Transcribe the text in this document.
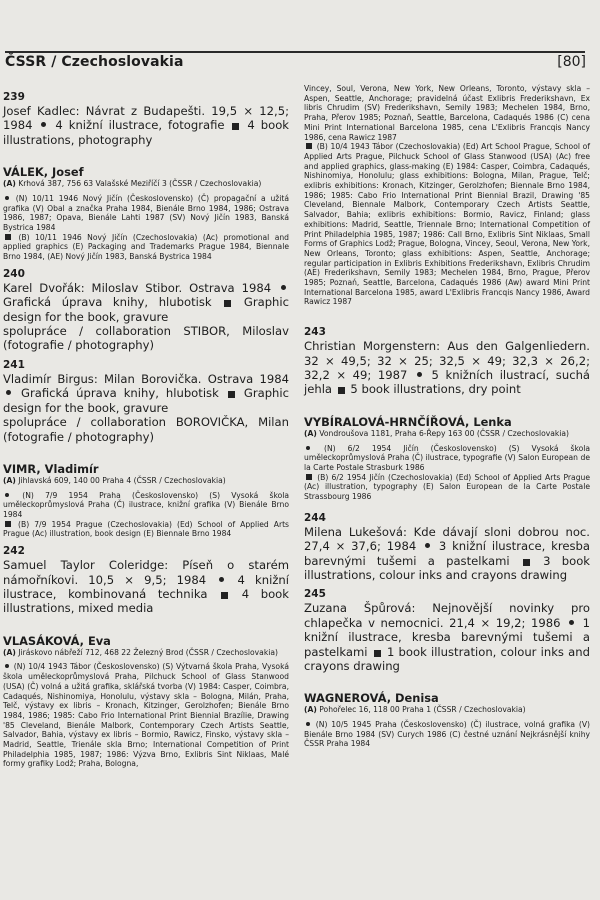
ČSSR / Czechoslovakia	[80]

239

Josef Kadlec: Návrat z Budapešti. 19,5 × 12,5; 1984 4 knižní ilustrace, fotografie 4 book illustrations, photography

VÁLEK, Josef

(A) Krhová 387, 756 63 Valašské Meziříčí 3 (ČSSR / Czechoslovakia)

(N) 10/11 1946 Nový Jičín (Československo) (Č) propagační a užitá grafika (V) Obal a značka Praha 1984, Bienále Brno 1984, 1986; Ostrava 1986, 1987; Opava, Bienále Lahti 1987 (SV) Nový Jičín 1983, Banská Bystrica 1984

(B) 10/11 1946 Nový Jičín (Czechoslovakia) (Ac) promotional and applied graphics (E) Packaging and Trademarks Prague 1984, Biennale Brno 1984, (AE) Nový Jičín 1983, Banská Bystrica 1984

240

Karel Dvořák: Miloslav Stibor. Ostrava 1984  Grafická úprava knihy, hlubotisk	Graphic design for the book, gravure
spolupráce / collaboration STIBOR, Miloslav (fotografie / photography)

241

Vladimír Birgus: Milan Borovička. Ostrava 1984  Grafická úprava knihy, hlubotisk Graphic design for the book, gravure
spolupráce / collaboration BOROVIČKA, Milan (fotografie / photography)

VIMR, Vladimír

(A) Jihlavská 609, 140 00 Praha 4 (ČSSR / Czechoslovakia)

(N) 7/9 1954 Praha (Československo) (S) Vysoká škola uměleckoprůmyslová Praha (Č) ilustrace, knižní grafika (V) Bienále Brno 1984

(B) 7/9 1954 Prague (Czechoslovakia) (Ed) School of Applied Arts Prague (Ac) illustration, book design (E) Biennale Brno 1984

242

Samuel Taylor Coleridge: Píseň o starém námořníkovi. 10,5 × 9,5; 1984	4 knižní ilustrace, kombinovaná technika	4 book illustrations, mixed media

VLASÁKOVÁ, Eva

(A) Jiráskovo nábřeží 712, 468 22 Železný Brod (ČSSR / Czechoslovakia)

(N) 10/4 1943 Tábor (Československo) (S) Výtvarná škola Praha, Vysoká škola uměleckoprůmyslová Praha, Pilchuck School of Glass Stanwood (USA) (Č) volná a užitá grafika, sklářská tvorba (V) 1984: Casper, Coimbra, Cadaqués, Nishinomiya, Honolulu, výstavy skla – Bologna, Milán, Praha, Telč, výstavy ex libris – Kronach, Kitzinger, Gerolzhofen; Bienále Brno 1984, 1986; 1985: Cabo Frio International Print Biennial Brazílie, Drawing '85 Cleveland, Bienále Malbork, Contemporary Czech Artists Seattle, Salvador, Bahia, výstavy ex libris – Bormio, Rawicz, Finsko, výstavy skla – Madrid, Seattle, Trienále skla Brno; International Competition of Print Philadelphia 1985, 1987; 1986: Výzva Brno, Exlibris Sint Niklaas, Malé formy grafiky Lodž; Praha, Bologna,

Vincey, Soul, Verona, New York, New Orleans, Toronto, výstavy skla – Aspen, Seattle, Anchorage; pravidelná účast Exlibris Frederikshavn, Ex libris Chrudim (SV) Frederikshavn, Semily 1983; Mechelen 1984, Brno, Praha, Přerov 1985; Poznaň, Seattle, Barcelona, Cadaqués 1986 (C) cena Mini Print International Barcelona 1985, cena L'Exlibris Francqis Nancy 1986, cena Rawicz 1987

(B) 10/4 1943 Tábor (Czechoslovakia) (Ed) Art School Prague, School of Applied Arts Prague, Pilchuck School of Glass Stanwood (USA) (Ac) free and applied graphics, glass-making (E) 1984: Casper, Coimbra, Cadaqués, Nishinomiya, Honolulu; glass exhibitions: Bologna, Milan, Prague, Telč; exlibris exhibitions: Kronach, Kitzinger, Gerolzhofen; Biennale Brno 1984, 1986; 1985: Cabo Frio International Print Biennial Brazil, Drawing '85 Cleveland, Biennale Malbork, Contemporary Czech Artists Seattle, Salvador, Bahia; exlibris exhibitions: Bormio, Ravicz, Finland; glass exhibitions: Madrid, Seattle, Triennale Brno; International Competition of Print Philadelphia 1985, 1987; 1986: Call Brno, Exlibris Sint Niklaas, Small Forms of Graphics Lodž; Prague, Bologna, Vincey, Seoul, Verona, New York, New Orleans, Toronto; glass exhibitions: Aspen, Seattle, Anchorage; regular participation in Exlibris Exhibitions Frederikshavn, Exlibris Chrudim (AE) Frederikshavn, Semily 1983; Mechelen 1984, Brno, Prague, Přerov 1985; Poznań, Seattle, Barcelona, Cadaqués 1986 (Aw) award Mini Print International Barcelona 1985, award L'Exlibris Francqis Nancy 1986, Award Rawicz 1987

243

Christian Morgenstern: Aus den Galgenliedern. 32 × 49,5; 32 × 25; 32,5 × 49; 32,3 × 26,2; 32,2 × 49; 1987 5 knižních ilustrací, suchá jehla 5 book illustrations, dry point

VYBÍRALOVÁ-HRNČÍŘOVÁ, Lenka

(A) Vondroušova 1181, Praha 6-Řepy 163 00 (ČSSR / Czechoslovakia)

(N) 6/2 1954 Jičín (Československo) (S) Vysoká škola uměleckoprůmyslová Praha (Č) ilustrace, typografie (V) Salon European de la Carte Postale Strasburk 1986

(B) 6/2 1954 Jičín (Czechoslovakia) (Ed) School of Applied Arts Prague (Ac) illustration, typography (E) Salon European de la Carte Postale Strassbourg 1986

244

Milena Lukešová: Kde dávají sloni dobrou noc. 27,4 × 37,6; 1984 3 knižní ilustrace, kresba barevnými tušemi a pastelkami	3 book illustrations, colour inks and crayons drawing

245

Zuzana Špůrová: Nejnovější novinky pro chlapečka v nemocnici. 21,4 × 19,2; 1986 1 knižní ilustrace, kresba barevnými tušemi a pastelkami 1 book illustration, colour inks and crayons drawing

WAGNEROVÁ, Denisa

(A) Pohořelec 16, 118 00 Praha 1 (ČSSR / Czechoslovakia)

(N) 10/5 1945 Praha (Československo) (Č) ilustrace, volná grafika (V) Bienále Brno 1984 (SV) Curych 1986 (C) čestné uznání Nejkrásnější knihy ČSSR Praha 1984
